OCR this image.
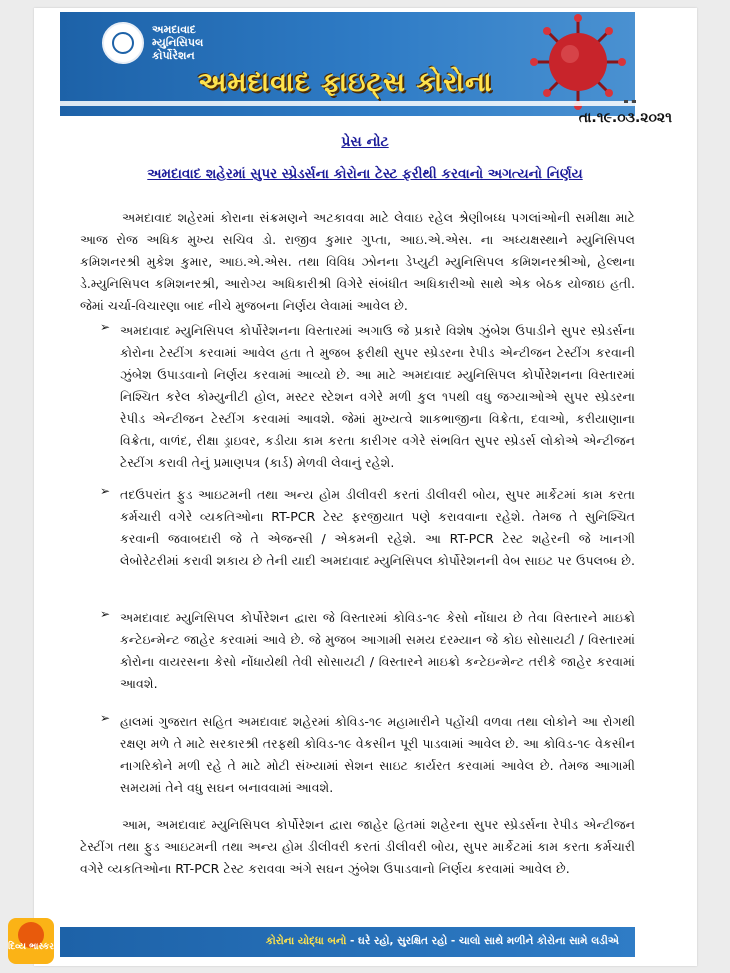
અમદાવાદ
મ્યુનિસિપલ
કોર્પોરેશન
અમદાવાદ ફાઇટ્સ કોરોના
તા.૧૯.૦૩.૨૦૨૧
પ્રેસ નોટ
અમદાવાદ શહેરમાં સુપર સ્પ્રેડર્સના કોરોના ટેસ્ટ ફરીથી કરવાનો અગત્યનો નિર્ણય
અમદાવાદ શહેરમાં કોરાના સંક્રમણને અટકાવવા માટે લેવાઇ રહેલ શ્રેણીબધ્ધ પગલાંઓની સમીક્ષા માટે આજ રોજ અધિક મુખ્ય સચિવ ડો. રાજીવ કુમાર ગુપ્તા, આઇ.એ.એસ. ના અધ્યક્ષસ્થાને મ્યુનિસિપલ કમિશનરશ્રી મુકેશ કુમાર, આઇ.એ.એસ. તથા વિવિધ ઝોનના ડેપ્યુટી મ્યુનિસિપલ કમિશનરશ્રીઓ, હેલ્થના ડે.મ્યુનિસિપલ કમિશનરશ્રી, આરોગ્ય અધિકારીશ્રી વિગેરે સંબંધીત અધિકારીઓ સાથે એક બેઠક યોજાઇ હતી. જેમાં ચર્ચા-વિચારણા બાદ નીચે મુજબના નિર્ણય લેવામાં આવેલ છે.
➢ અમદાવાદ મ્યુનિસિપલ કોર્પોરેશનના વિસ્તારમાં અગાઉ જે પ્રકારે વિશેષ ઝુંબેશ ઉપાડીને સુપર સ્પ્રેડર્સના કોરોના ટેસ્ટીંગ કરવામાં આવેલ હતા તે મુજબ ફરીથી સુપર સ્પ્રેડરના રેપીડ એન્ટીજન ટેસ્ટીંગ કરવાની ઝુંબેશ ઉપાડવાનો નિર્ણય કરવામાં આવ્યો છે. આ માટે અમદાવાદ મ્યુનિસિપલ કોર્પોરેશનના વિસ્તારમાં નિશ્ચિત કરેલ કોમ્યુનીટી હોલ, મસ્ટર સ્ટેશન વગેરે મળી કુલ ૧૫થી વધુ જગ્યાઓએ સુપર સ્પ્રેડરના રેપીડ એન્ટીજન ટેસ્ટીંગ કરવામાં આવશે. જેમાં મુખ્યત્વે શાકભાજીના વિક્રેતા, દવાઓ, કરીયાણાના વિક્રેતા, વાળંદ, રીક્ષા ડ્રાઇવર, કડીયા કામ કરતા કારીગર વગેરે સંભવિત સુપર સ્પ્રેડર્સ લોકોએ એન્ટીજન ટેસ્ટીંગ કરાવી તેનું પ્રમાણપત્ર (કાર્ડ) મેળવી લેવાનું રહેશે.
➢ તદઉપરાંત ફુડ આઇટમની તથા અન્ય હોમ ડીલીવરી કરતાં ડીલીવરી બોય, સુપર માર્કેટમાં કામ કરતા કર્મચારી વગેરે વ્યકતિઓના RT-PCR ટેસ્ટ ફરજીયાત પણે કરાવવાના રહેશે. તેમજ તે સુનિશ્ચિત કરવાની જવાબદારી જે તે એજન્સી / એકમની રહેશે. આ RT-PCR ટેસ્ટ શહેરની જે ખાનગી લેબોરેટરીમાં કરાવી શકાય છે તેની યાદી અમદાવાદ મ્યુનિસિપલ કોર્પોરેશનની વેબ સાઇટ પર ઉપલબ્ધ છે.
➢ અમદાવાદ મ્યુનિસિપલ કોર્પોરેશન દ્વારા જે વિસ્તારમાં કોવિડ-૧૯ કેસો નોંધાય છે તેવા વિસ્તારને માઇક્રો કન્ટેઇન્મેન્ટ જાહેર કરવામાં આવે છે. જે મુજબ આગામી સમય દરમ્યાન જે કોઇ સોસાયટી / વિસ્તારમાં કોરોના વાયરસના કેસો નોંધાયેથી તેવી સોસાયટી / વિસ્તારને માઇક્રો કન્ટેઇન્મેન્ટ તરીકે જાહેર કરવામાં આવશે.
➢ હાલમાં ગુજરાત સહિત અમદાવાદ શહેરમાં કોવિડ-૧૯ મહામારીને પહોંચી વળવા તથા લોકોને આ રોગથી રક્ષણ મળે તે માટે સરકારશ્રી તરફથી કોવિડ-૧૯ વેકસીન પૂરી પાડવામાં આવેલ છે. આ કોવિડ-૧૯ વેકસીન નાગરિકોને મળી રહે તે માટે મોટી સંખ્યામાં સેશન સાઇટ કાર્યરત કરવામાં આવેલ છે. તેમજ આગામી સમયમાં તેને વધુ સઘન બનાવવામાં આવશે.
આમ, અમદાવાદ મ્યુનિસિપલ કોર્પોરેશન દ્વારા જાહેર હિતમાં શહેરના સુપર સ્પ્રેડર્સના રેપીડ એન્ટીજન ટેસ્ટીંગ તથા ફુડ આઇટમની તથા અન્ય હોમ ડીલીવરી કરતાં ડીલીવરી બોય, સુપર માર્કેટમાં કામ કરતા કર્મચારી વગેરે વ્યકતિઓના RT-PCR ટેસ્ટ કરાવવા અંગે સઘન ઝુંબેશ ઉપાડવાનો નિર્ણય કરવામાં આવેલ છે.
કોરોના યોદ્ધા બનો - ઘરે રહો, સુરક્ષિત રહો - ચાલો સાથે મળીને કોરોના સામે લડીએ
દિવ્ય ભાસ્કર
